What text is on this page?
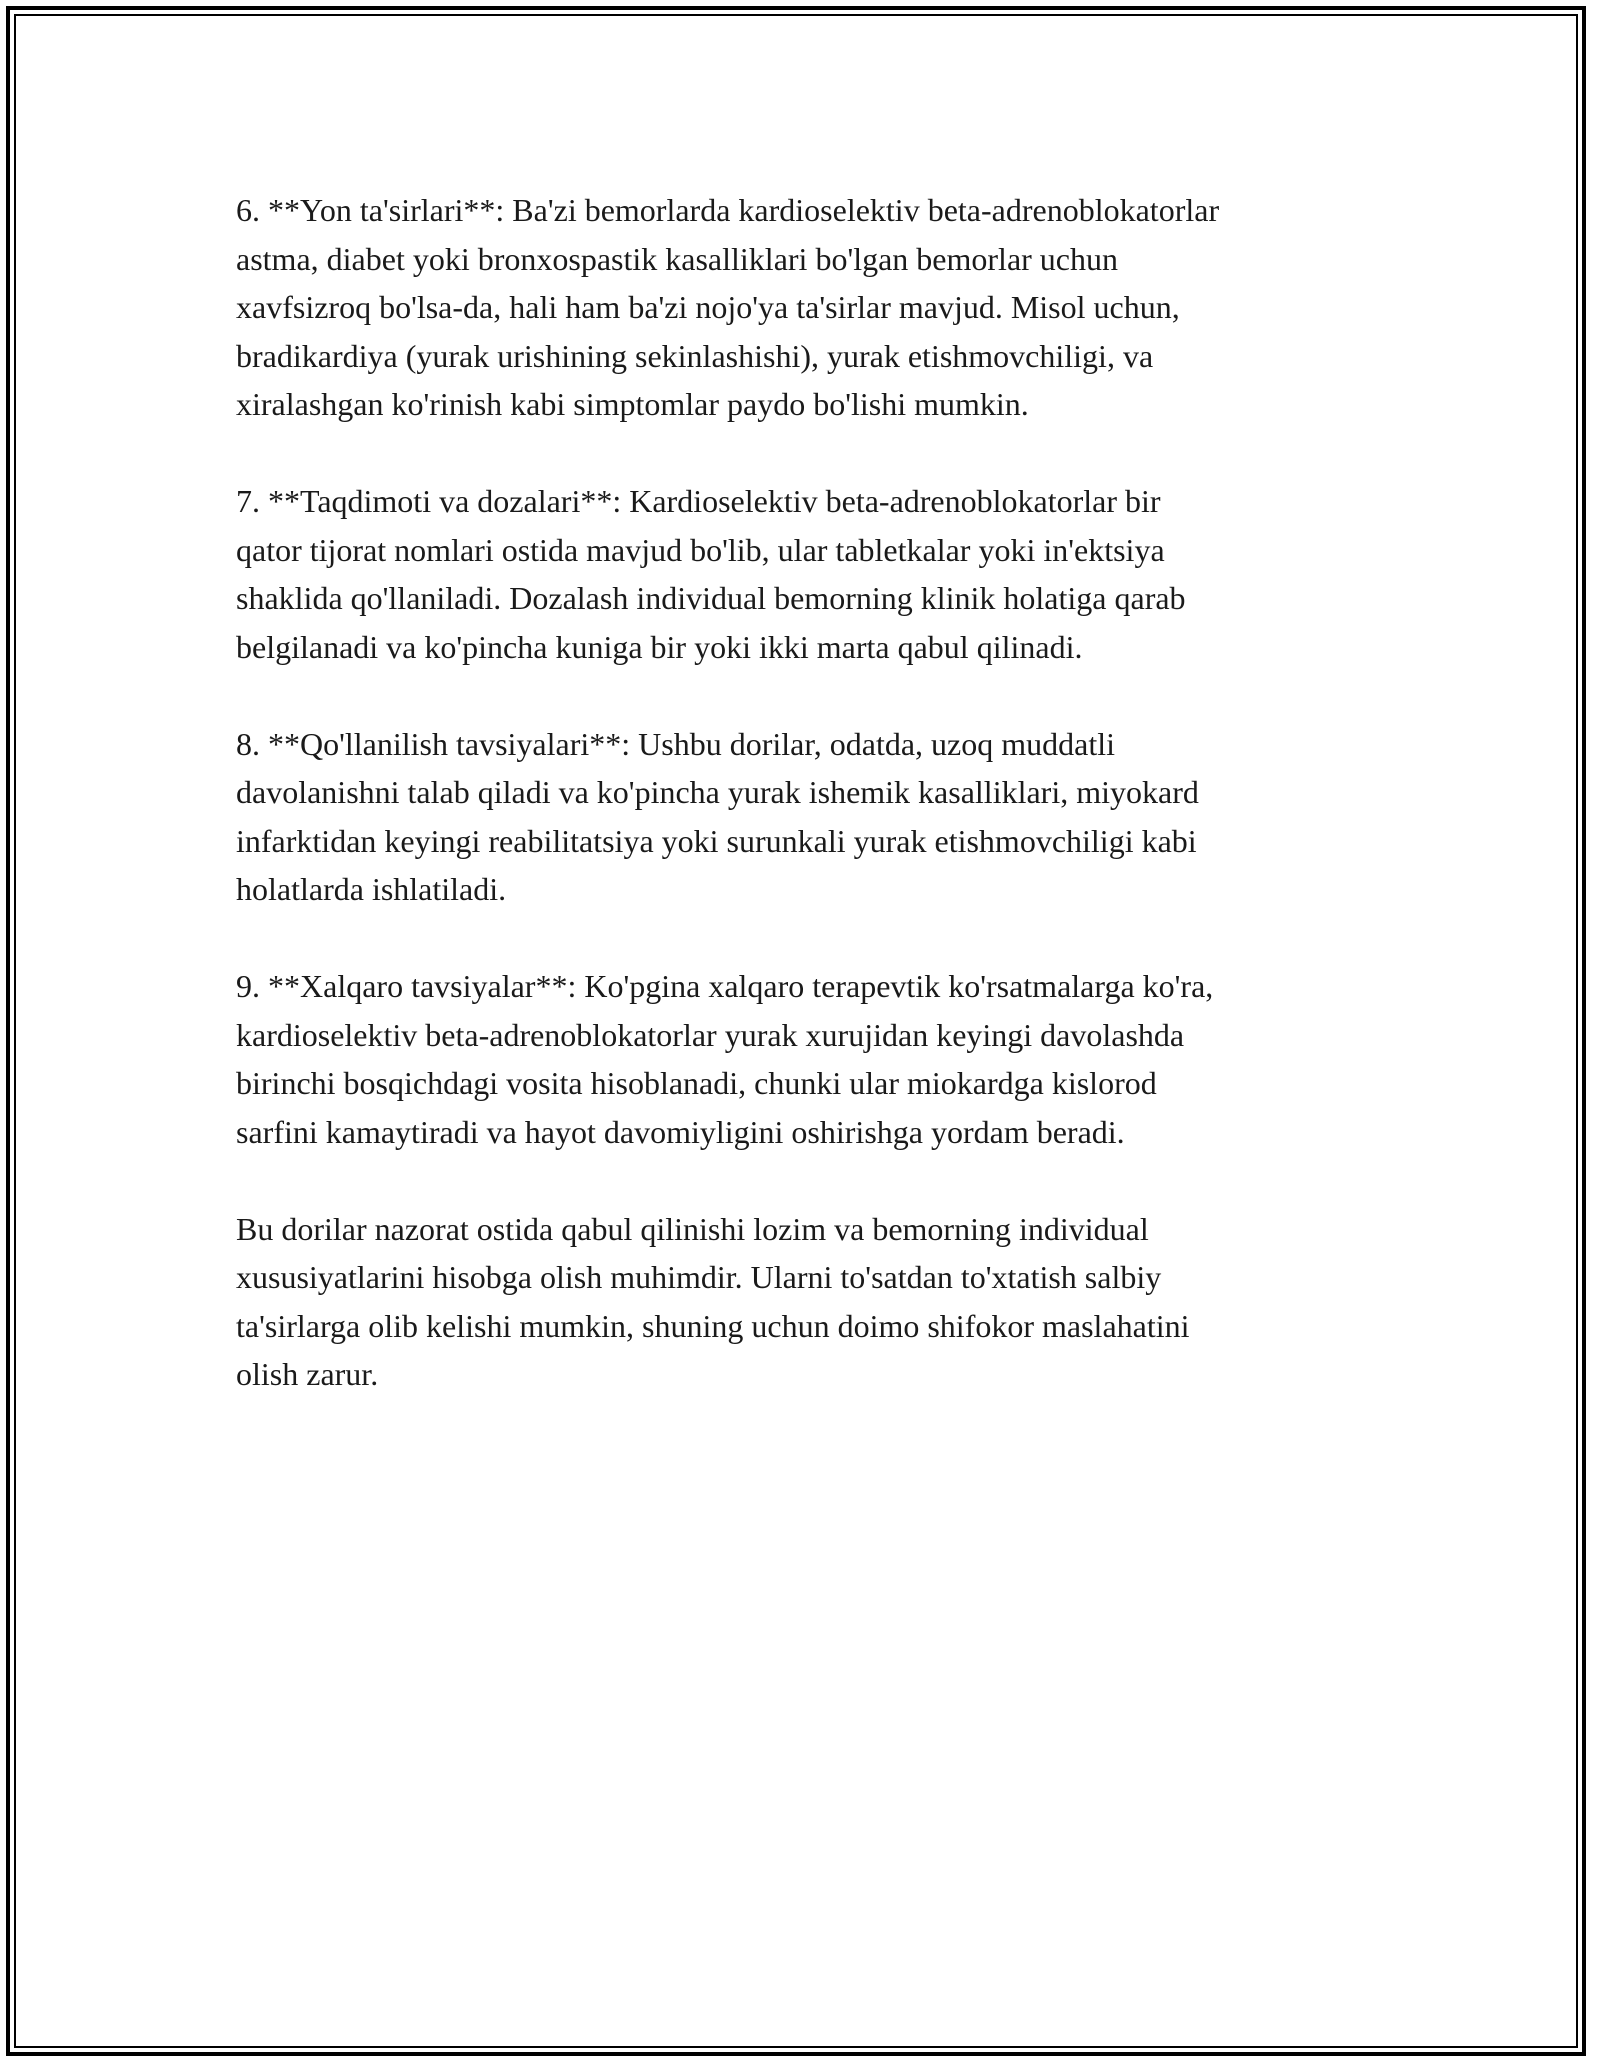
6. **Yon ta'sirlari**: Ba'zi bemorlarda kardioselektiv beta-adrenoblokatorlar
astma, diabet yoki bronxospastik kasalliklari bo'lgan bemorlar uchun
xavfsizroq bo'lsa-da, hali ham ba'zi nojo'ya ta'sirlar mavjud. Misol uchun,
bradikardiya (yurak urishining sekinlashishi), yurak etishmovchiligi, va
xiralashgan ko'rinish kabi simptomlar paydo bo'lishi mumkin.

7. **Taqdimoti va dozalari**: Kardioselektiv beta-adrenoblokatorlar bir
qator tijorat nomlari ostida mavjud bo'lib, ular tabletkalar yoki in'ektsiya
shaklida qo'llaniladi. Dozalash individual bemorning klinik holatiga qarab
belgilanadi va ko'pincha kuniga bir yoki ikki marta qabul qilinadi.

8. **Qo'llanilish tavsiyalari**: Ushbu dorilar, odatda, uzoq muddatli
davolanishni talab qiladi va ko'pincha yurak ishemik kasalliklari, miyokard
infarktidan keyingi reabilitatsiya yoki surunkali yurak etishmovchiligi kabi
holatlarda ishlatiladi.

9. **Xalqaro tavsiyalar**: Ko'pgina xalqaro terapevtik ko'rsatmalarga ko'ra,
kardioselektiv beta-adrenoblokatorlar yurak xurujidan keyingi davolashda
birinchi bosqichdagi vosita hisoblanadi, chunki ular miokardga kislorod
sarfini kamaytiradi va hayot davomiyligini oshirishga yordam beradi.

Bu dorilar nazorat ostida qabul qilinishi lozim va bemorning individual
xususiyatlarini hisobga olish muhimdir. Ularni to'satdan to'xtatish salbiy
ta'sirlarga olib kelishi mumkin, shuning uchun doimo shifokor maslahatini
olish zarur.
